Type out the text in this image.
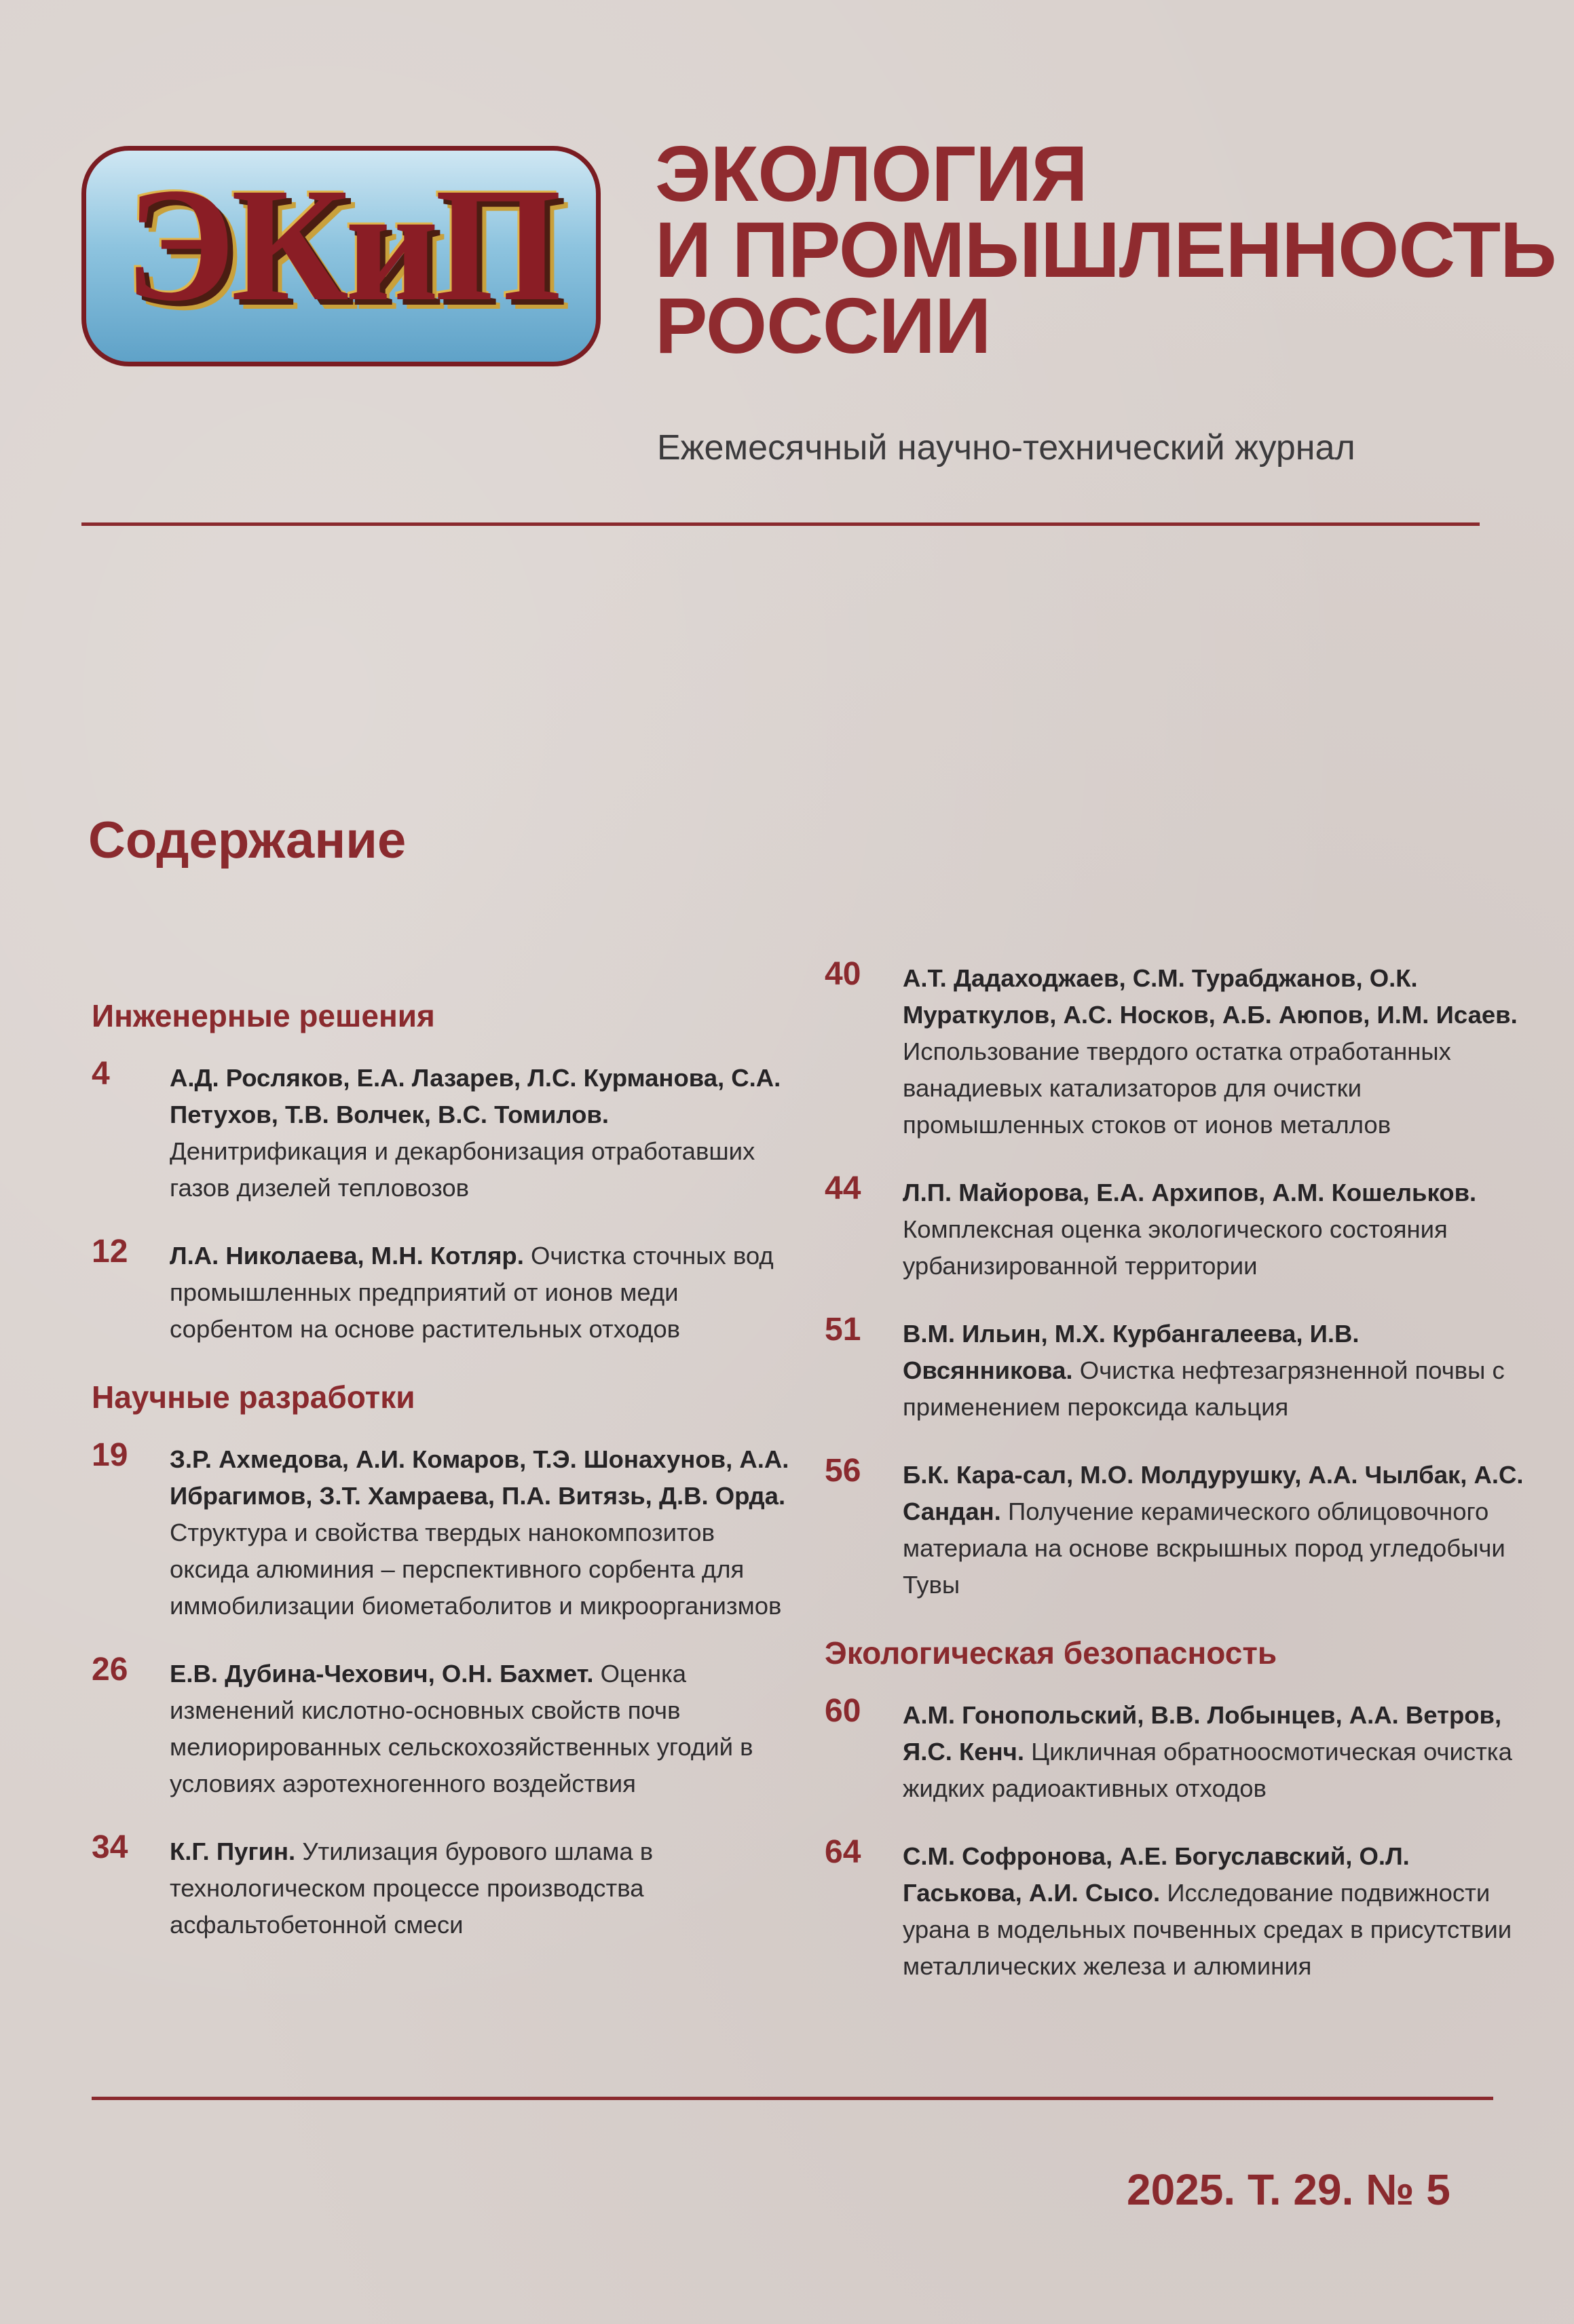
ЭКиП	ЭКОЛОГИЯ
И ПРОМЫШЛЕННОСТЬ
РОССИИ
Ежемесячный научно-технический журнал
Содержание
Инженерные решения
4	А.Д. Росляков, Е.А. Лазарев, Л.С. Курманова, С.А. Петухов, Т.В. Волчек, В.С. Томилов. Денитрификация и декарбонизация отработавших газов дизелей тепловозов
12	Л.А. Николаева, М.Н. Котляр. Очистка сточных вод промышленных предприятий от ионов меди сорбентом на основе растительных отходов
Научные разработки
19	З.Р. Ахмедова, А.И. Комаров, Т.Э. Шонахунов, А.А. Ибрагимов, З.Т. Хамраева, П.А. Витязь, Д.В. Орда. Структура и свойства твердых нанокомпозитов оксида алюминия – перспективного сорбента для иммобилизации биометаболитов и микроорганизмов
26	Е.В. Дубина-Чехович, О.Н. Бахмет. Оценка изменений кислотно-основных свойств почв мелиорированных сельскохозяйственных угодий в условиях аэротехногенного воздействия
34	К.Г. Пугин. Утилизация бурового шлама в технологическом процессе производства асфальтобетонной смеси
40	А.Т. Дадаходжаев, С.М. Турабджанов, О.К. Мураткулов, А.С. Носков, А.Б. Аюпов, И.М. Исаев. Использование твердого остатка отработанных ванадиевых катализаторов для очистки промышленных стоков от ионов металлов
44	Л.П. Майорова, Е.А. Архипов, А.М. Кошельков. Комплексная оценка экологического состояния урбанизированной территории
51	В.М. Ильин, М.Х. Курбангалеева, И.В. Овсянникова. Очистка нефтезагрязненной почвы с применением пероксида кальция
56	Б.К. Кара-сал, М.О. Молдурушку, А.А. Чылбак, А.С. Сандан. Получение керамического облицовочного материала на основе вскрышных пород угледобычи Тувы
Экологическая безопасность
60	А.М. Гонопольский, В.В. Лобынцев, А.А. Ветров, Я.С. Кенч. Цикличная обратноосмотическая очистка жидких радиоактивных отходов
64	С.М. Софронова, А.Е. Богуславский, О.Л. Гаськова, А.И. Сысо. Исследование подвижности урана в модельных почвенных средах в присутствии металлических железа и алюминия
2025. Т. 29. № 5
